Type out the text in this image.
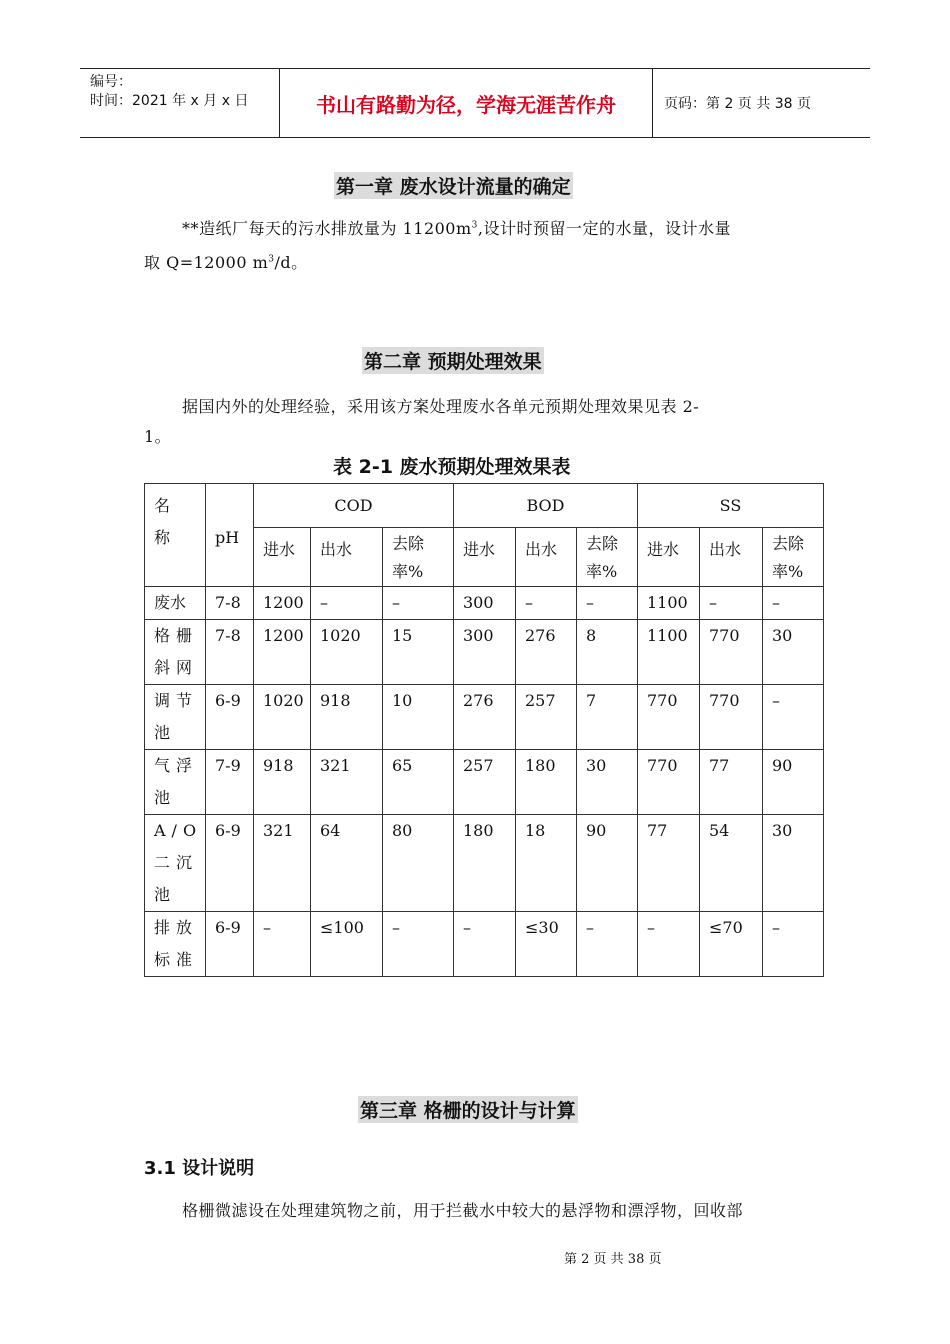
编号：
时间：2021 年 x 月 x 日	书山有路勤为径，学海无涯苦作舟	页码：第 2 页 共 38 页
第一章 废水设计流量的确定
**造纸厂每天的污水排放量为 $11200m^3$,设计时预留一定的水量，设计水量
取 Q=12000 $m^3/d$。
第二章 预期处理效果
据国内外的处理经验，采用该方案处理废水各单元预期处理效果见表 2-
1。
表 2-1 废水预期处理效果表
名称	pH	COD			BOD			SS		
		进水	出水	去除率%	进水	出水	去除率%	进水	出水	去除率%
废水	7-8	1200	–	–	300	–	–	1100	–	–
格栅斜网	7-8	1200	1020	15	300	276	8	1100	770	30
调节池	6-9	1020	918	10	276	257	7	770	770	–
气浮池	7-9	918	321	65	257	180	30	770	77	90
A/O 二沉池	6-9	321	64	80	180	18	90	77	54	30
排放标准	6-9	–	≤100	–	–	≤30	–	–	≤70	–
第三章 格栅的设计与计算
3.1 设计说明
格栅微滤设在处理建筑物之前，用于拦截水中较大的悬浮物和漂浮物，回收部
第 2 页 共 38 页
